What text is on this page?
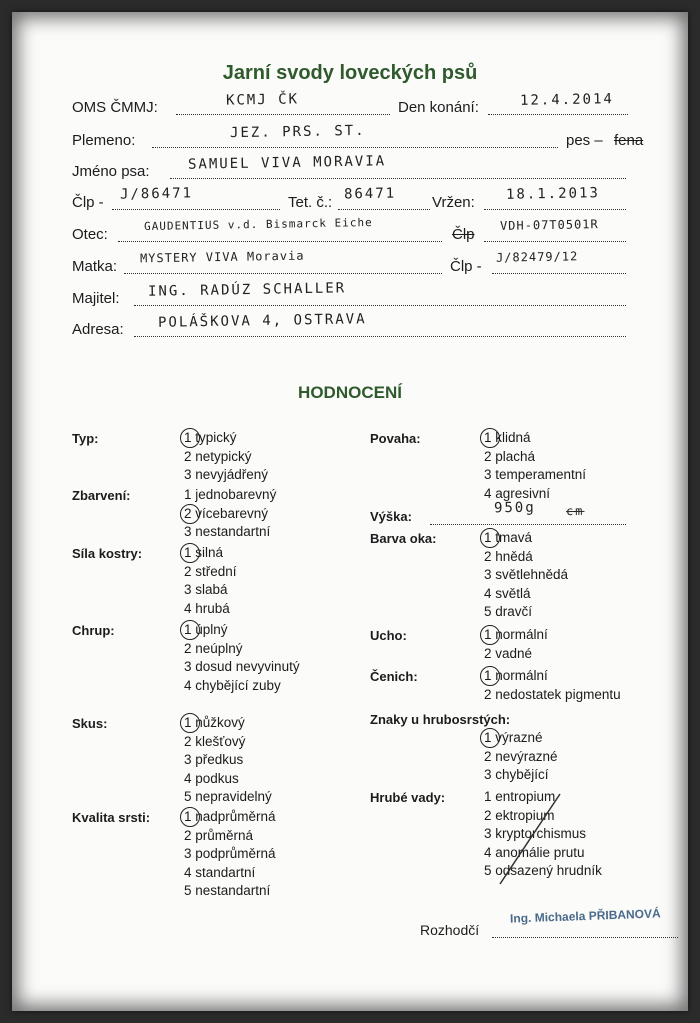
Jarní svody loveckých psů
OMS ČMMJ:	KCMJ ČK	Den konání:	12.4.2014
Plemeno:	JEZ. PRS. ST.	pes – fena
Jméno psa:	SAMUEL VIVA MORAVIA
Člp - J/86471	Tet. č.: 86471 Vržen: 18.1.2013
Otec:
GAUDENTIUS v.d. Bismarck Eiche
Člp
VDH-07T0501R
Matka:
MYSTERY VIVA Moravia
Člp -
J/82479/12
Majitel: ING. RADÚZ SCHALLER
Adresa: POLÁŠKOVA 4, OSTRAVA
HODNOCENÍ
Typ:	1 typický
2 netypický
3 nevyjádřený
Zbarvení:	1 jednobarevný
2 vícebarevný
3 nestandartní
Síla kostry:	1 silná
2 střední
3 slabá
4 hrubá
Chrup:	1 úplný
2 neúplný
3 dosud nevyvinutý
4 chybějící zuby
Skus:	1 nůžkový
2 klešťový
3 předkus
4 podkus
5 nepravidelný
Kvalita srsti:	1 nadprůměrná
2 průměrná
3 podprůměrná
4 standartní
5 nestandartní
Povaha:	1 klidná
2 plachá
3 temperamentní
4 agresivní
Výška:
950g	cm
Barva oka:	1 tmavá
2 hnědá
3 světlehnědá
4 světlá
5 dravčí
Ucho:	1 normální
2 vadné
Čenich:	1 normální
2 nedostatek pigmentu
Znaky u hrubosrstých:
1 výrazné
2 nevýrazné
3 chybějící
Hrubé vady:	1 entropium
2 ektropium
3 kryptorchismus
4 anomálie prutu
5 odsazený hrudník
Rozhodčí
Ing. Michaela PŘIBANOVÁ
